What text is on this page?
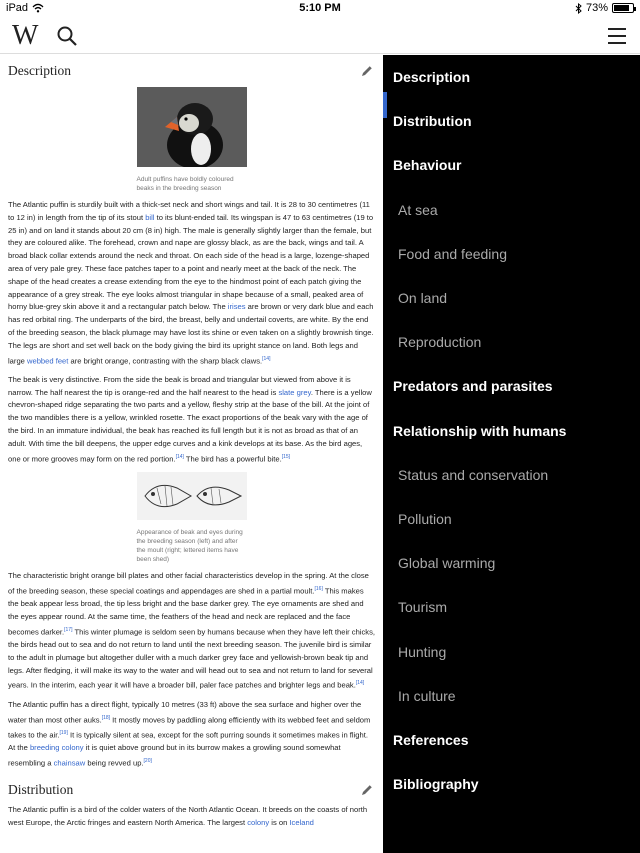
iPad	5:10 PM	73%
W
Description
Adult puffins have boldly coloured beaks in the breeding season

The Atlantic puffin is sturdily built with a thick-set neck and short wings and tail. It is 28 to 30 centimetres (11 to 12 in) in length from the tip of its stout bill to its blunt-ended tail. Its wingspan is 47 to 63 centimetres (19 to 25 in) and on land it stands about 20 cm (8 in) high. The male is generally slightly larger than the female, but they are coloured alike. The forehead, crown and nape are glossy black, as are the back, wings and tail. A broad black collar extends around the neck and throat. On each side of the head is a large, lozenge-shaped area of very pale grey. These face patches taper to a point and nearly meet at the back of the neck. The shape of the head creates a crease extending from the eye to the hindmost point of each patch giving the appearance of a grey streak. The eye looks almost triangular in shape because of a small, peaked area of horny blue-grey skin above it and a rectangular patch below. The irises are brown or very dark blue and each has red orbital ring. The underparts of the bird, the breast, belly and undertail coverts, are white. By the end of the breeding season, the black plumage may have lost its shine or even taken on a slightly brownish tinge. The legs are short and set well back on the body giving the bird its upright stance on land. Both legs and large webbed feet are bright orange, contrasting with the sharp black claws.[14]

The beak is very distinctive. From the side the beak is broad and triangular but viewed from above it is narrow. The half nearest the tip is orange-red and the half nearest to the head is slate grey. There is a yellow chevron-shaped ridge separating the two parts and a yellow, fleshy strip at the base of the bill. At the joint of the two mandibles there is a yellow, wrinkled rosette. The exact proportions of the beak vary with the age of the bird. In an immature individual, the beak has reached its full length but it is not as broad as that of an adult. With time the bill deepens, the upper edge curves and a kink develops at its base. As the bird ages, one or more grooves may form on the red portion.[14] The bird has a powerful bite.[15]

Appearance of beak and eyes during the breeding season (left) and after the moult (right; lettered items have been shed)

The characteristic bright orange bill plates and other facial characteristics develop in the spring. At the close of the breeding season, these special coatings and appendages are shed in a partial moult.[16] This makes the beak appear less broad, the tip less bright and the base darker grey. The eye ornaments are shed and the eyes appear round. At the same time, the feathers of the head and neck are replaced and the face becomes darker.[17] This winter plumage is seldom seen by humans because when they have left their chicks, the birds head out to sea and do not return to land until the next breeding season. The juvenile bird is similar to the adult in plumage but altogether duller with a much darker grey face and yellowish-brown beak tip and legs. After fledging, it will make its way to the water and will head out to sea and not return to land for several years. In the interim, each year it will have a broader bill, paler face patches and brighter legs and beak.[14]

The Atlantic puffin has a direct flight, typically 10 metres (33 ft) above the sea surface and higher over the water than most other auks.[18] It mostly moves by paddling along efficiently with its webbed feet and seldom takes to the air.[19] It is typically silent at sea, except for the soft purring sounds it sometimes makes in flight. At the breeding colony it is quiet above ground but in its burrow makes a growling sound somewhat resembling a chainsaw being revved up.[20]

Distribution

The Atlantic puffin is a bird of the colder waters of the North Atlantic Ocean. It breeds on the coasts of north west Europe, the Arctic fringes and eastern North America. The largest colony is on Iceland

Description
Distribution
Behaviour
At sea
Food and feeding
On land
Reproduction
Predators and parasites
Relationship with humans
Status and conservation
Pollution
Global warming
Tourism
Hunting
In culture
References
Bibliography
